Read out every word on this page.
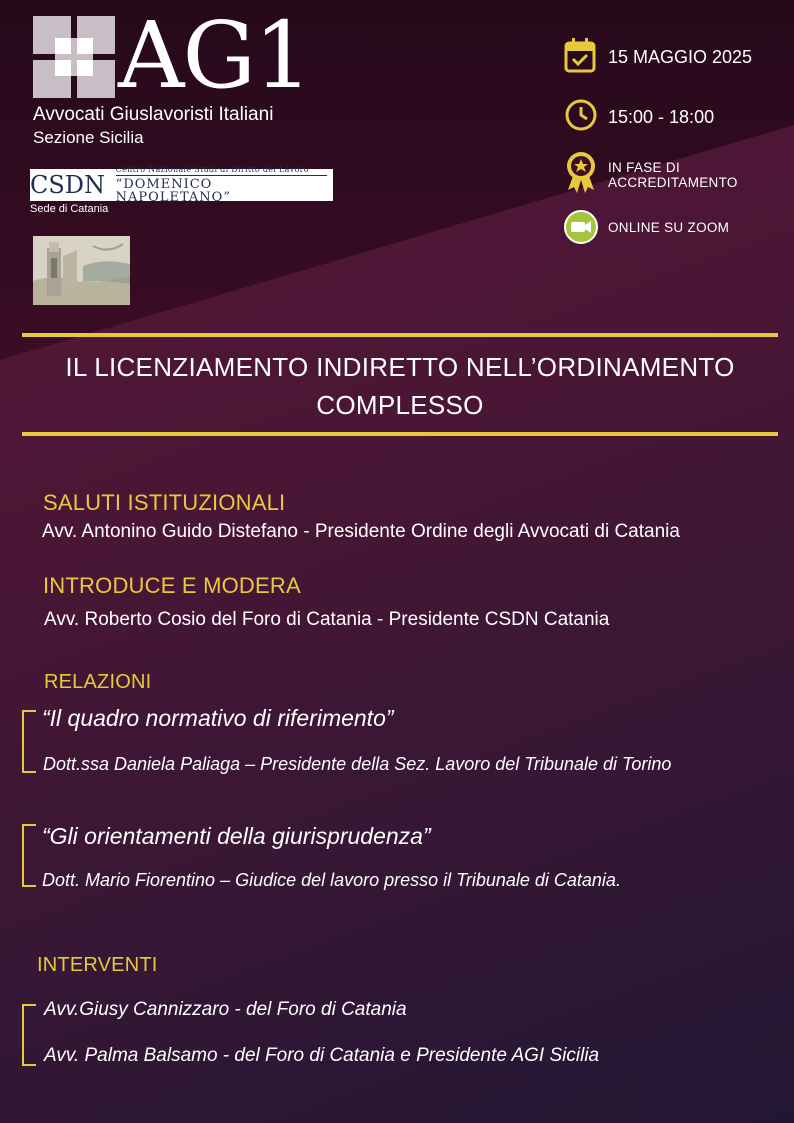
AG1
Avvocati Giuslavoristi Italiani
Sezione Sicilia
CSDN
Centro Nazionale Studi di Diritto del Lavoro
“DOMENICO NAPOLETANO”
Sede di Catania
15 MAGGIO 2025
15:00 - 18:00
IN FASE DI
ACCREDITAMENTO
ONLINE SU ZOOM
IL LICENZIAMENTO INDIRETTO NELL’ORDINAMENTO
COMPLESSO
SALUTI ISTITUZIONALI
Avv. Antonino Guido Distefano - Presidente Ordine degli Avvocati di Catania
INTRODUCE E MODERA
Avv. Roberto Cosio del Foro di Catania - Presidente CSDN Catania
RELAZIONI
“Il quadro normativo di riferimento”
Dott.ssa Daniela Paliaga – Presidente della Sez. Lavoro del Tribunale di Torino
“Gli orientamenti della giurisprudenza”
Dott. Mario Fiorentino – Giudice del lavoro presso il Tribunale di Catania.
INTERVENTI
Avv.Giusy Cannizzaro - del Foro di Catania
Avv. Palma Balsamo - del Foro di Catania e Presidente AGI Sicilia
